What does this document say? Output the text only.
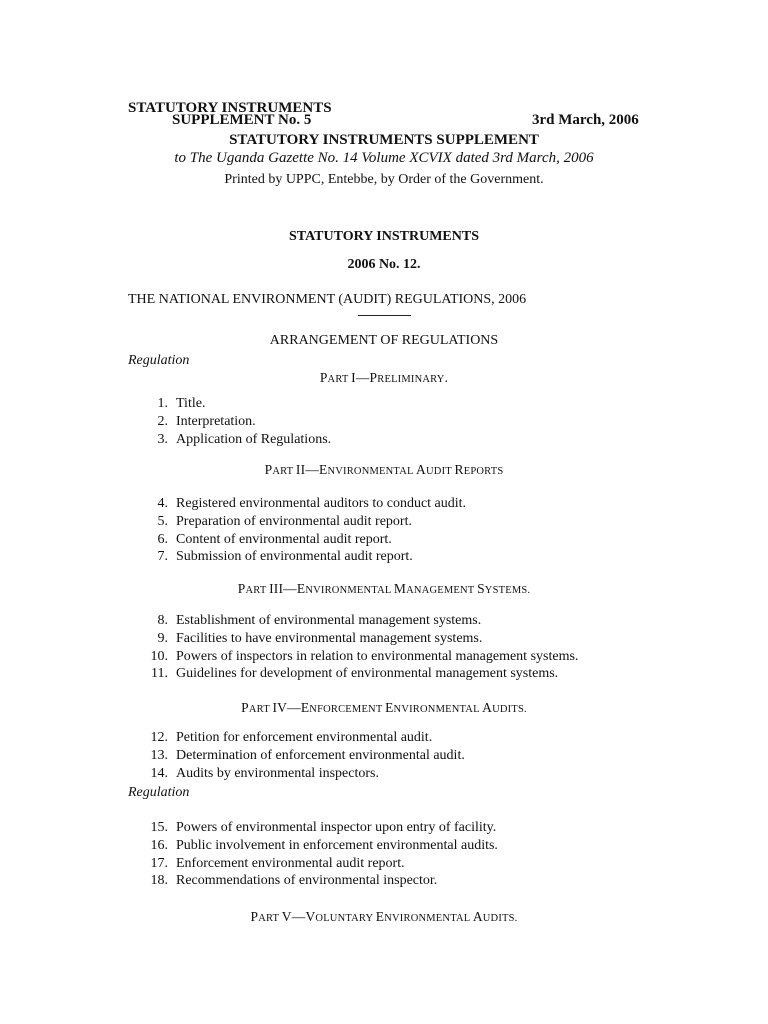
STATUTORY INSTRUMENTS
SUPPLEMENT No. 5	3rd March, 2006
STATUTORY INSTRUMENTS SUPPLEMENT
to The Uganda Gazette No. 14 Volume XCVIX dated 3rd March, 2006
Printed by UPPC, Entebbe, by Order of the Government.
STATUTORY INSTRUMENTS
2006 No. 12.
THE NATIONAL ENVIRONMENT (AUDIT) REGULATIONS, 2006
ARRANGEMENT OF REGULATIONS
Regulation
PART I—PRELIMINARY.
1. Title.
2. Interpretation.
3. Application of Regulations.
PART II—ENVIRONMENTAL AUDIT REPORTS
4. Registered environmental auditors to conduct audit.
5. Preparation of environmental audit report.
6. Content of environmental audit report.
7. Submission of environmental audit report.
PART III—ENVIRONMENTAL MANAGEMENT SYSTEMS.
8. Establishment of environmental management systems.
9. Facilities to have environmental management systems.
10. Powers of inspectors in relation to environmental management systems.
11. Guidelines for development of environmental management systems.
PART IV—ENFORCEMENT ENVIRONMENTAL AUDITS.
12. Petition for enforcement environmental audit.
13. Determination of enforcement environmental audit.
14. Audits by environmental inspectors.
Regulation
15. Powers of environmental inspector upon entry of facility.
16. Public involvement in enforcement environmental audits.
17. Enforcement environmental audit report.
18. Recommendations of environmental inspector.
PART V—VOLUNTARY ENVIRONMENTAL AUDITS.
